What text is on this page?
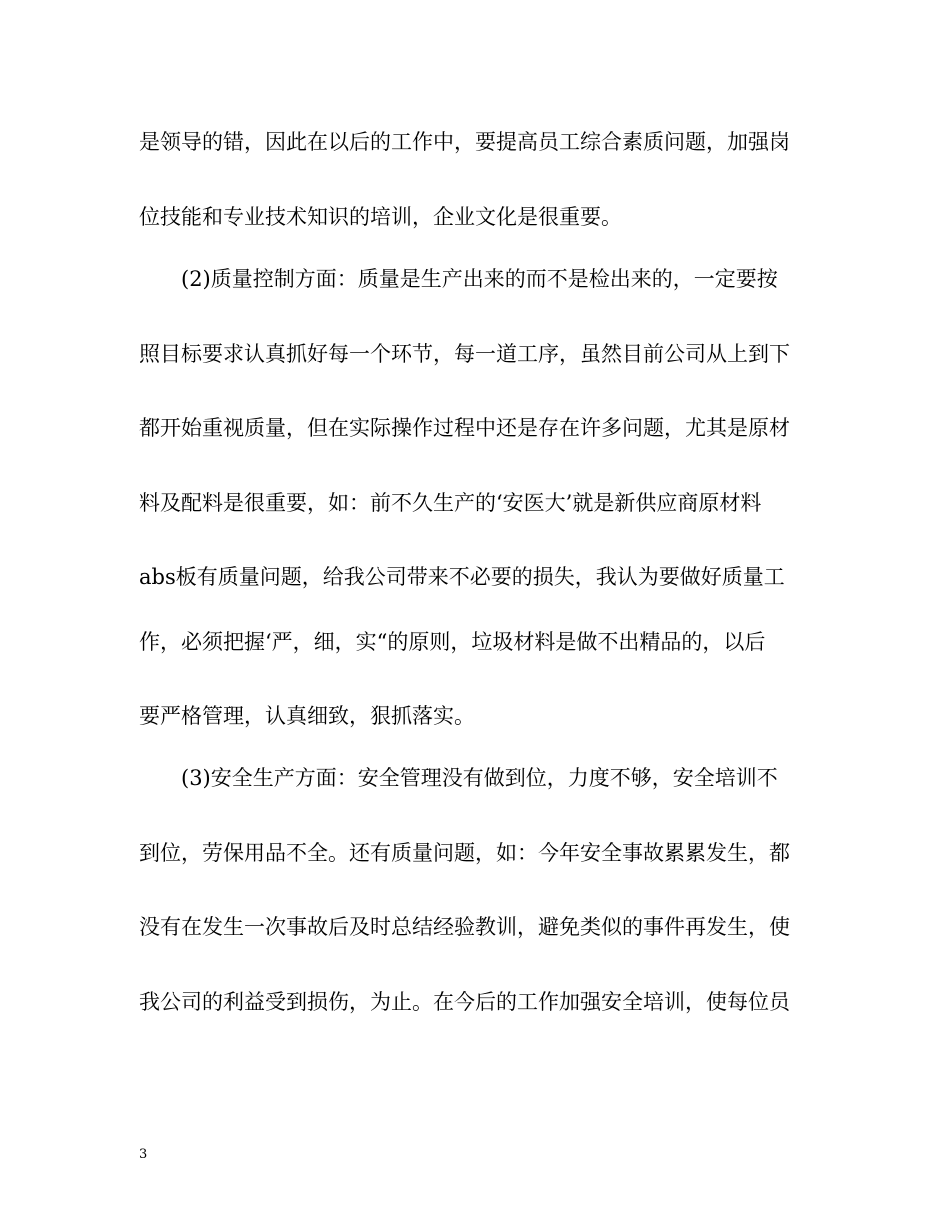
是领导的错，因此在以后的工作中，要提高员工综合素质问题，加强岗
位技能和专业技术知识的培训，企业文化是很重要。
　　(2)质量控制方面：质量是生产出来的而不是检出来的，一定要按
照目标要求认真抓好每一个环节，每一道工序，虽然目前公司从上到下
都开始重视质量，但在实际操作过程中还是存在许多问题，尤其是原材
料及配料是很重要，如：前不久生产的‘安医大’就是新供应商原材料
abs板有质量问题，给我公司带来不必要的损失，我认为要做好质量工
作，必须把握‘严，细，实“的原则，垃圾材料是做不出精品的，以后
要严格管理，认真细致，狠抓落实。
　　(3)安全生产方面：安全管理没有做到位，力度不够，安全培训不
到位，劳保用品不全。还有质量问题，如：今年安全事故累累发生，都
没有在发生一次事故后及时总结经验教训，避免类似的事件再发生，使
我公司的利益受到损伤，为止。在今后的工作加强安全培训，使每位员
3
